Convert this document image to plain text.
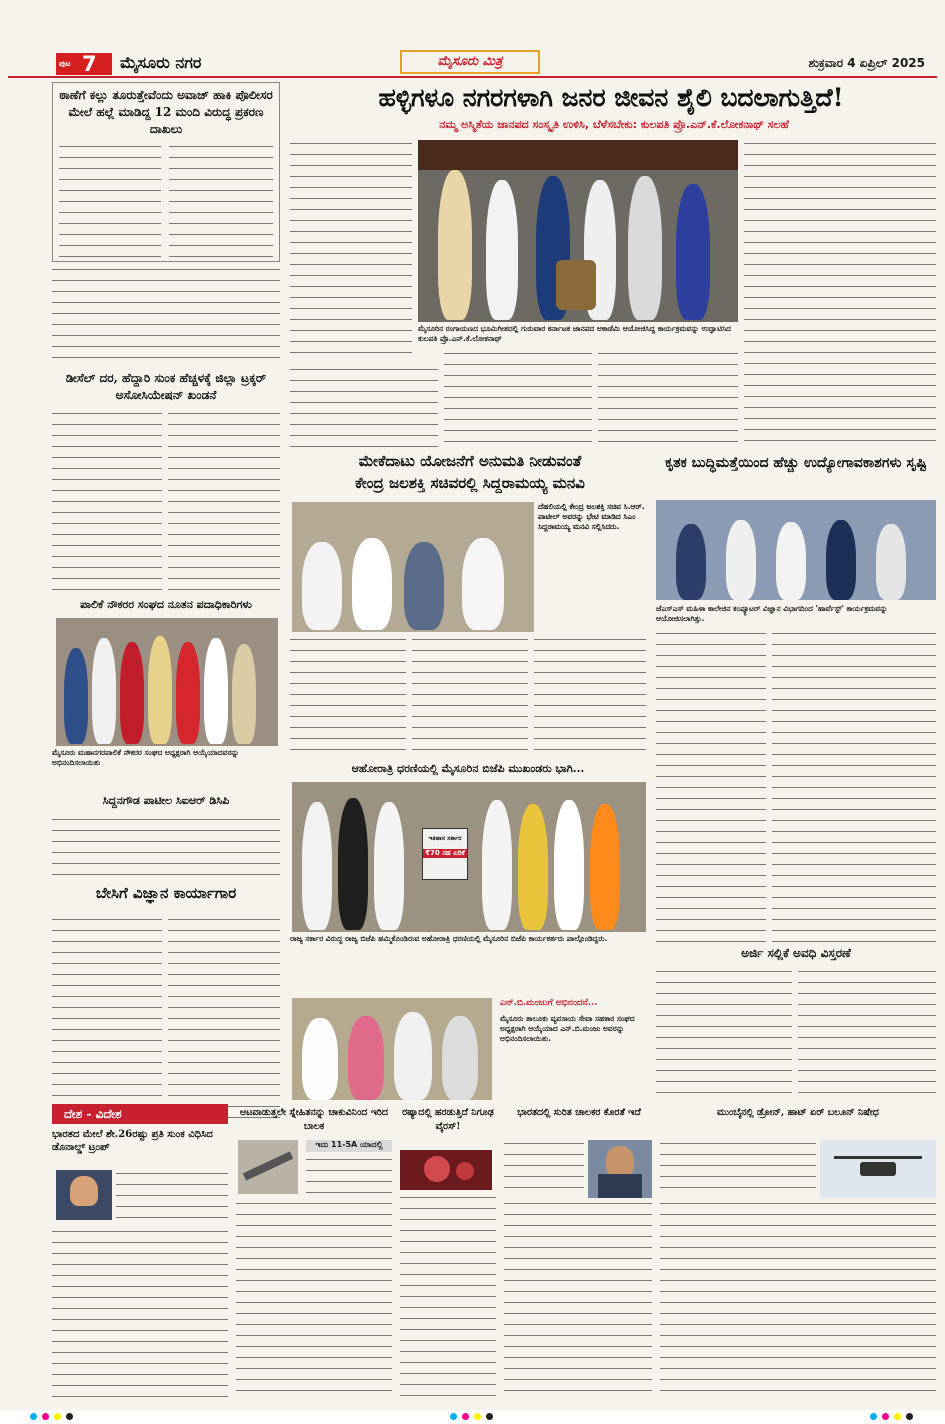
ಪುಟ 7 ಮೈಸೂರು ನಗರ	ಮೈಸೂರು ಮಿತ್ರ	ಶುಕ್ರವಾರ 4 ಏಪ್ರಿಲ್ 2025
ಠಾಣೆಗೆ ಕಲ್ಲು ತೂರುತ್ತೇವೆಂದು ಅವಾಜ್ ಹಾಕಿ ಪೊಲೀಸರ ಮೇಲೆ ಹಲ್ಲೆ ಮಾಡಿದ್ದ 12 ಮಂದಿ ವಿರುದ್ಧ ಪ್ರಕರಣ ದಾಖಲು
ಹಳ್ಳಿಗಳೂ ನಗರಗಳಾಗಿ ಜನರ ಜೀವನ ಶೈಲಿ ಬದಲಾಗುತ್ತಿದೆ!
ನಮ್ಮ ಅಸ್ಮಿತೆಯ ಜಾನಪದ ಸಂಸ್ಕೃತಿ ಉಳಿಸಿ, ಬೆಳೆಸಬೇಕು: ಕುಲಪತಿ ಪ್ರೊ.ಎನ್.ಕೆ.ಲೋಕನಾಥ್ ಸಲಹೆ
ಮೈಸೂರಿನ ರಂಗಾಯಣದ ಭೂಮಿಗೀತದಲ್ಲಿ ಗುರುವಾರ ಕರ್ನಾಟಕ ಜಾನಪದ ಅಕಾಡೆಮಿ ಆಯೋಜಿಸಿದ್ದ ಕಾರ್ಯಕ್ರಮವನ್ನು ಉದ್ಘಾಟಿಸಿದ ಕುಲಪತಿ ಪ್ರೊ.ಎನ್.ಕೆ.ಲೋಕನಾಥ್
ಡೀಸೆಲ್ ದರ, ಹೆದ್ದಾರಿ ಸುಂಕ ಹೆಚ್ಚಳಕ್ಕೆ ಜಿಲ್ಲಾ ಟ್ರಕ್ಕರ್ ಅಸೋಸಿಯೇಷನ್ ಖಂಡನೆ
ಪಾಲಿಕೆ ನೌಕರರ ಸಂಘದ ನೂತನ ಪದಾಧಿಕಾರಿಗಳು
ಮೈಸೂರು ಮಹಾನಗರಪಾಲಿಕೆ ನೌಕರರ ಸಂಘದ ಅಧ್ಯಕ್ಷರಾಗಿ ಆಯ್ಕೆಯಾದವರನ್ನು ಅಭಿನಂದಿಸಲಾಯಿತು
ಸಿದ್ದನಗೌಡ ಪಾಟೀಲ ಸಿಐಆರ್ ಡಿಸಿಪಿ
ಬೇಸಿಗೆ ವಿಜ್ಞಾನ ಕಾರ್ಯಾಗಾರ
ಮೇಕೆದಾಟು ಯೋಜನೆಗೆ ಅನುಮತಿ ನೀಡುವಂತೆ
ಕೇಂದ್ರ ಜಲಶಕ್ತಿ ಸಚಿವರಲ್ಲಿ ಸಿದ್ದರಾಮಯ್ಯ ಮನವಿ
ದೆಹಲಿಯಲ್ಲಿ ಕೇಂದ್ರ ಜಲಶಕ್ತಿ ಸಚಿವ ಸಿ.ಆರ್. ಪಾಟೀಲ್ ಅವರನ್ನು ಭೇಟಿ ಮಾಡಿದ ಸಿಎಂ ಸಿದ್ದರಾಮಯ್ಯ ಮನವಿ ಸಲ್ಲಿಸಿದರು.
ಕೃತಕ ಬುದ್ಧಿಮತ್ತೆಯಿಂದ ಹೆಚ್ಚು ಉದ್ಯೋಗಾವಕಾಶಗಳು ಸೃಷ್ಟಿ
ಜೆಎಸ್‌ಎಸ್ ಮಹಿಳಾ ಕಾಲೇಜಿನ ಕಂಪ್ಯೂಟರ್ ವಿಜ್ಞಾನ ವಿಭಾಗದಿಂದ 'ಹಾರ್ವೆಸ್ಟ್' ಕಾರ್ಯಕ್ರಮವನ್ನು ಆಯೋಜಿಸಲಾಗಿತ್ತು.
ಆಹೋರಾತ್ರಿ ಧರಣಿಯಲ್ಲಿ ಮೈಸೂರಿನ ಬಿಜೆಪಿ ಮುಖಂಡರು ಭಾಗಿ...
ಇತಿಹಾಸ ಸರ್ಕಾರ
₹70 ಸಹ ಏರಿಕೆ
ರಾಜ್ಯ ಸರ್ಕಾರ ವಿರುದ್ಧ ರಾಜ್ಯ ಬಿಜೆಪಿ ಹಮ್ಮಿಕೊಂಡಿರುವ ಅಹೋರಾತ್ರಿ ಧರಣಿಯಲ್ಲಿ ಮೈಸೂರಿನ ಬಿಜೆಪಿ ಕಾರ್ಯಕರ್ತರು ಪಾಲ್ಗೊಂಡಿದ್ದರು.
ಎನ್.ಬಿ.ಮಂಜುಗೆ ಅಭಿನಂದನೆ...
ಮೈಸೂರು ತಾಲೂಕು ವ್ಯವಸಾಯ ಸೇವಾ ಸಹಕಾರ ಸಂಘದ ಅಧ್ಯಕ್ಷರಾಗಿ ಆಯ್ಕೆಯಾದ ಎನ್.ಬಿ.ಮಂಜು ಅವರನ್ನು ಅಭಿನಂದಿಸಲಾಯಿತು.
ಅರ್ಜಿ ಸಲ್ಲಿಕೆ ಅವಧಿ ವಿಸ್ತರಣೆ
ದೇಶ - ವಿದೇಶ
ಭಾರತದ ಮೇಲೆ ಶೇ.26ರಷ್ಟು ಪ್ರತಿ ಸುಂಕ ವಿಧಿಸಿದ ಡೊನಾಲ್ಡ್ ಟ್ರಂಪ್
ಆಟವಾಡುತ್ತಲೇ ಸ್ನೇಹಿತನನ್ನು ಚಾಕುವಿನಿಂದ ಇರಿದ ಬಾಲಕ
ಇದು 11-5A ಯಾದಲ್ಲಿ
ರಷ್ಯಾದಲ್ಲಿ ಹರಡುತ್ತಿದೆ ನಿಗೂಢ ವೈರಸ್!
ಭಾರತದಲ್ಲಿ ಸುರಿತ ಚಾಲಕರ ಕೊರತೆ ಇದೆ	ಮುಂಬೈನಲ್ಲಿ ಡ್ರೋನ್, ಹಾಟ್ ಏರ್ ಬಲೂನ್ ನಿಷೇಧ
